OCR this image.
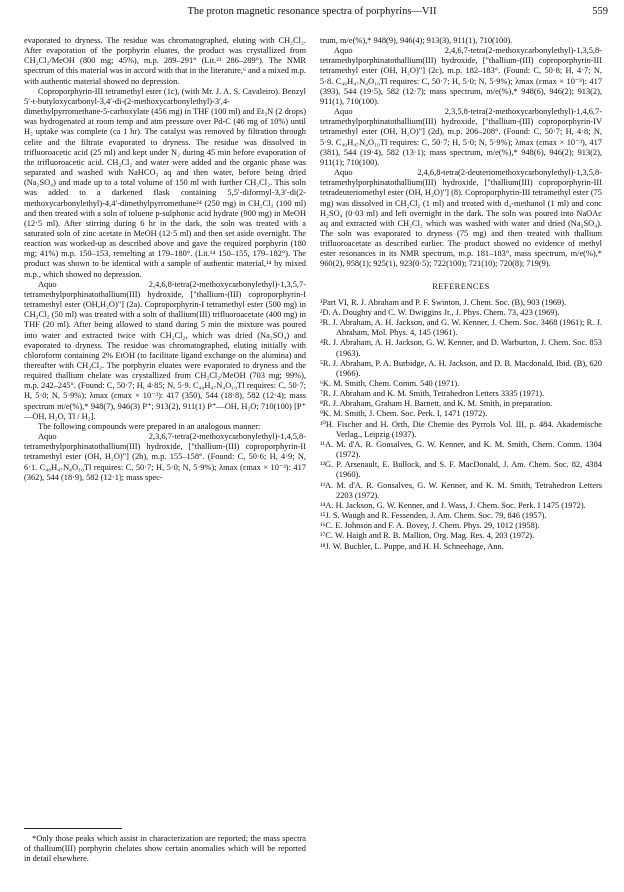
The proton magnetic resonance spectra of porphyrins—VII	559

evaporated to dryness. The residue was chromatographed, eluting with CH₂Cl₂. After evaporation of the porphyrin eluates, the product was crystallized from CH₂Cl₂/MeOH (800 mg; 45%), m.p. 289–291° (Lit.²³ 286–289°). The NMR spectrum of this material was in accord with that in the literature,⁶ and a mixed m.p. with authentic material showed no depression.

Coproporphyrin-III tetramethyl ester (1c), (with Mr. J. A. S. Cavaleiro). Benzyl 5′-t-butyloxycarbonyl-3,4′-di-(2-methoxycarbonylethyl)-3′,4-dimethylpyrromethane-5-carboxylate (456 mg) in THF (100 ml) and Et₃N (2 drops) was hydrogenated at room temp and atm pressure over Pd-C (46 mg of 10%) until H₂ uptake was complete (ca 1 hr). The catalyst was removed by filtration through celite and the filtrate evaporated to dryness. The residue was dissolved in trifluoroacetic acid (25 ml) and kept under N₂ during 45 min before evaporation of the trifluoroacetic acid. CH₂Cl₂ and water were added and the organic phase was separated and washed with NaHCO₃ aq and then water, before being dried (Na₂SO₄) and made up to a total volume of 150 ml with further CH₂Cl₂. This soln was added to a darkened flask containing 5,5′-diformyl-3,3′-di(2-methoxycarbonylethyl)-4,4′-dimethylpyrromethane²⁴ (250 mg) in CH₂Cl₂ (100 ml) and then treated with a soln of toluene p-sulphonic acid hydrate (900 mg) in MeOH (12·5 ml). After stirring during 6 hr in the dark, the soln was treated with a saturated soln of zinc acetate in MeOH (12·5 ml) and then set aside overnight. The reaction was worked-up as described above and gave the required porphyrin (180 mg; 41%) m.p. 150–153, remelting at 179–180°. (Lit.¹⁴ 150–155, 179–182°). The product was shown to be identical with a sample of authentic material,¹⁴ by mixed m.p., which showed no depression.

Aquo 2,4,6,8-tetra(2-methoxycarbonylethyl)-1,3,5,7-tetramethylporphinatothallium(III) hydroxide, ["thallium-(III) coproporphyrin-I tetramethyl ester (OH,H₂O)"] (2a). Coproporphyrin-I tetramethyl ester (500 mg) in CH₂Cl₂ (50 ml) was treated with a soln of thallium(III) trifluoroacetate (400 mg) in THF (20 ml). After being allowed to stand during 5 min the mixture was poured into water and extracted twice with CH₂Cl₂, which was dried (Na₂SO₄) and evaporated to dryness. The residue was chromatographed, eluting initially with chloroform containing 2% EtOH (to facilitate ligand exchange on the alumina) and thereafter with CH₂Cl₂. The porphyrin eluates were evaporated to dryness and the required thallium chelate was crystallized from CH₂Cl₂/MeOH (703 mg; 99%), m.p. 242–245°. (Found: C, 50·7; H, 4·85; N, 5·9. C₄₀H₄₇N₄O₁₀Tl requires: C, 50·7; H, 5·0; N, 5·9%); λmax (εmax × 10⁻³): 417 (350), 544 (18·8), 582 (12·4); mass spectrum m/e(%),* 948(7), 946(3) P⁺; 913(2), 911(1) P⁺—OH, H₂O; 710(100) [P⁺—OH, H₂O, Tl / H₂].

The following compounds were prepared in an analogous manner:

Aquo 2,3,6,7-tetra(2-methoxycarbonylethyl)-1,4,5,8-tetramethylporphinatothallium(III) hydroxide, ["thallium-(III) coproporphyrin-II tetramethyl ester (OH, H₂O)"] (2b), m.p. 155–158°. (Found: C, 50·6; H, 4·9; N, 6·1. C₄₀H₄₇N₄O₁₀Tl requires: C, 50·7; H, 5·0; N, 5·9%); λmax (εmax × 10⁻³): 417 (362), 544 (18·9), 582 (12·1); mass spec-

*Only those peaks which assist in characterization are reported; the mass spectra of thallium(III) porphyrin chelates show certain anomalies which will be reported in detail elsewhere.

trum, m/e(%),* 948(9), 946(4); 913(3), 911(1), 710(100).

Aquo 2,4,6,7-tetra(2-methoxycarbonylethyl)-1,3,5,8-tetramethylporphinatothallium(III) hydroxide, ["thallium-(III) coproporphyrin-III tetramethyl ester (OH, H₂O)"] (2c), m.p. 182–183°. (Found: C, 50·8; H, 4·7; N, 5·8. C₄₀H₄₇N₄O₁₀Tl requires: C, 50·7; H, 5·0; N, 5·9%); λmax (εmax × 10⁻³): 417 (393), 544 (19·5), 582 (12·7); mass spectrum, m/e(%),* 948(6), 946(2); 913(2), 911(1), 710(100).

Aquo 2,3,5,8-tetra(2-methoxycarbonylethyl)-1,4,6,7-tetramethylporphinatothallium(III) hydroxide, ["thallium-(III) coproporphyrin-IV tetramethyl ester (OH, H₂O)"] (2d), m.p. 206–208°. (Found: C, 50·7; H, 4·8; N, 5·9. C₄₀H₄₇N₄O₁₀Tl requires: C, 50·7; H, 5·0; N, 5·9%); λmax (εmax × 10⁻³), 417 (381), 544 (19·4), 582 (13·1); mass spectrum, m/e(%),* 948(6), 946(2); 913(2), 911(1); 710(100).

Aquo 2,4,6,8-tetra(2-deuteriomethoxycarbonylethyl)-1,3,5,8-tetramethylporphinatothallium(III) hydroxide, ["thallium(III) coproporphyrin-III tetradeuteriomethyl ester (OH, H₂O)"] (8). Coproporphyrin-III tetramethyl ester (75 mg) was dissolved in CH₂Cl₂ (1 ml) and treated with d₄-methanol (1 ml) and conc H₂SO₄ (0·03 ml) and left overnight in the dark. The soln was poured into NaOAc aq and extracted with CH₂Cl₂ which was washed with water and dried (Na₂SO₄). The soln was evaporated to dryness (75 mg) and then treated with thallium trifluoroacetate as described earlier. The product showed no evidence of methyl ester resonances in its NMR spectrum, m.p. 181–183°, mass spectrum, m/e(%),* 960(2), 958(1); 925(1), 923(0·5); 722(100); 721(10); 720(8); 719(9).

REFERENCES

¹Part VI, R. J. Abraham and P. F. Swinton, J. Chem. Soc. (B), 903 (1969).

²D. A. Doughty and C. W. Dwiggins Jr., J. Phys. Chem. 73, 423 (1969).

³R. J. Abraham, A. H. Jackson, and G. W. Kenner, J. Chem. Soc. 3468 (1961); R. J. Abraham, Mol. Phys. 4, 145 (1961).

⁴R. J. Abraham, A. H. Jackson, G. W. Kenner, and D. Warburton, J. Chem. Soc. 853 (1963).

⁵R. J. Abraham, P. A. Burbidge, A. H. Jackson, and D. B. Macdonald, Ibid. (B), 620 (1966).

⁶K. M. Smith, Chem. Comm. 540 (1971).

⁷R. J. Abraham and K. M. Smith, Tetrahedron Letters 3335 (1971).

⁸R. J. Abraham, Graham H. Barnett, and K. M. Smith, in preparation.

⁹K. M. Smith, J. Chem. Soc. Perk. I, 1471 (1972).

¹⁰H. Fischer and H. Orth, Die Chemie des Pyrrols Vol. III, p. 484. Akademische Verlag., Leipzig (1937).

¹¹A. M. d'A. R. Gonsalves, G. W. Kenner, and K. M. Smith, Chem. Comm. 1304 (1972).

¹²G. P. Arsenault, E. Bullock, and S. F. MacDonald, J. Am. Chem. Soc. 82, 4384 (1960).

¹³A. M. d'A. R. Gonsalves, G. W. Kenner, and K. M. Smith, Tetrahedron Letters 2203 (1972).

¹⁴A. H. Jackson, G. W. Kenner, and J. Wass, J. Chem. Soc. Perk. I 1475 (1972).

¹⁵J. S. Waugh and R. Fessenden, J. Am. Chem. Soc. 79, 846 (1957).

¹⁶C. E. Johnson and F. A. Bovey, J. Chem. Phys. 29, 1012 (1958).

¹⁷C. W. Haigh and R. B. Mallion, Org. Mag. Res. 4, 203 (1972).

¹⁸J. W. Buchler, L. Puppe, and H. H. Schneehage, Ann.
